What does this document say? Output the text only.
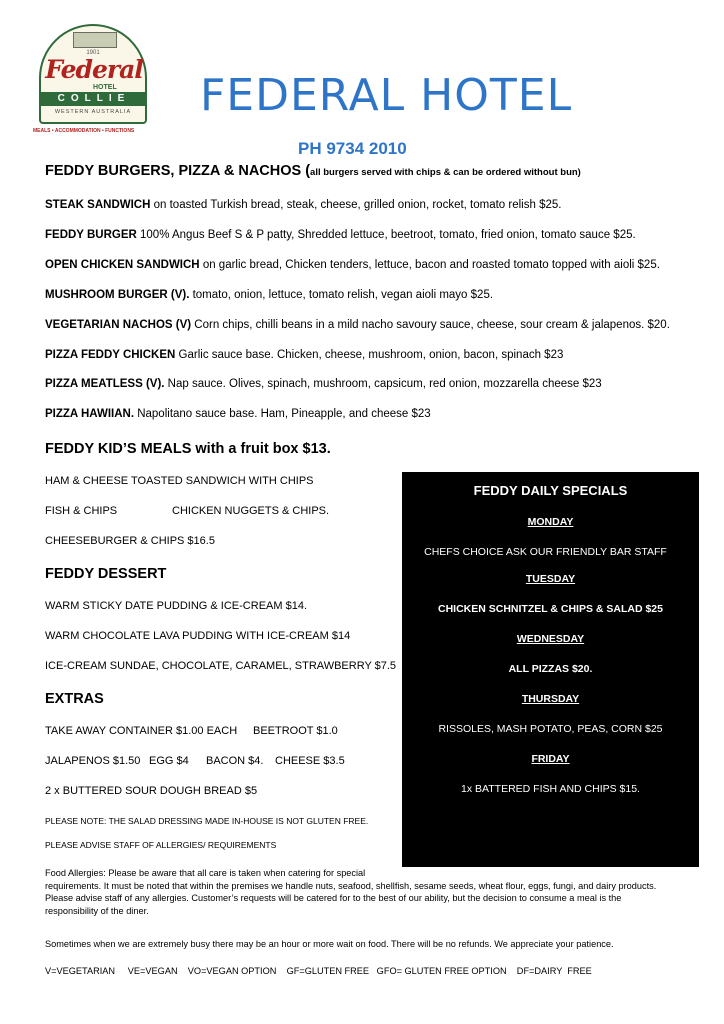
1901
Federal
HOTEL
COLLIE
WESTERN AUSTRALIA
MEALS • ACCOMMODATION • FUNCTIONS
FEDERAL HOTEL
PH 9734 2010
FEDDY BURGERS, PIZZA & NACHOS (all burgers served with chips & can be ordered without bun)
STEAK SANDWICH on toasted Turkish bread, steak, cheese, grilled onion, rocket, tomato relish $25.
FEDDY BURGER 100% Angus Beef S & P patty, Shredded lettuce, beetroot, tomato, fried onion, tomato sauce $25.
OPEN CHICKEN SANDWICH on garlic bread, Chicken tenders, lettuce, bacon and roasted tomato topped with aioli $25.
MUSHROOM BURGER (V). tomato, onion, lettuce, tomato relish, vegan aioli mayo $25.
VEGETARIAN NACHOS (V) Corn chips, chilli beans in a mild nacho savoury sauce, cheese, sour cream & jalapenos. $20.
PIZZA FEDDY CHICKEN Garlic sauce base. Chicken, cheese, mushroom, onion, bacon, spinach $23
PIZZA MEATLESS (V). Nap sauce. Olives, spinach, mushroom, capsicum, red onion, mozzarella cheese $23
PIZZA HAWIIAN. Napolitano sauce base. Ham, Pineapple, and cheese $23
FEDDY KID’S MEALS with a fruit box $13.
HAM & CHEESE TOASTED SANDWICH WITH CHIPS
FISH & CHIPS	CHICKEN NUGGETS & CHIPS.
CHEESEBURGER & CHIPS $16.5
FEDDY DESSERT
WARM STICKY DATE PUDDING & ICE-CREAM $14.
WARM CHOCOLATE LAVA PUDDING WITH ICE-CREAM $14
ICE-CREAM SUNDAE, CHOCOLATE, CARAMEL, STRAWBERRY $7.5
EXTRAS
TAKE AWAY CONTAINER $1.00 EACH BEETROOT $1.0
JALAPENOS $1.50 EGG $4 BACON $4. CHEESE $3.5
2 x BUTTERED SOUR DOUGH BREAD $5
PLEASE NOTE: THE SALAD DRESSING MADE IN-HOUSE IS NOT GLUTEN FREE.
PLEASE ADVISE STAFF OF ALLERGIES/ REQUIREMENTS
FEDDY DAILY SPECIALS
MONDAY
CHEFS CHOICE ASK OUR FRIENDLY BAR STAFF
TUESDAY
CHICKEN SCHNITZEL & CHIPS & SALAD $25
WEDNESDAY
ALL PIZZAS $20.
THURSDAY
RISSOLES, MASH POTATO, PEAS, CORN $25
FRIDAY
1x BATTERED FISH AND CHIPS $15.
Food Allergies: Please be aware that all care is taken when catering for special
requirements. It must be noted that within the premises we handle nuts, seafood, shellfish, sesame seeds, wheat flour, eggs, fungi, and dairy products.
Please advise staff of any allergies. Customer’s requests will be catered for to the best of our ability, but the decision to consume a meal is the
responsibility of the diner.
Sometimes when we are extremely busy there may be an hour or more wait on food. There will be no refunds. We appreciate your patience.
V=VEGETARIAN     VE=VEGAN    VO=VEGAN OPTION    GF=GLUTEN FREE   GFO= GLUTEN FREE OPTION    DF=DAIRY  FREE
